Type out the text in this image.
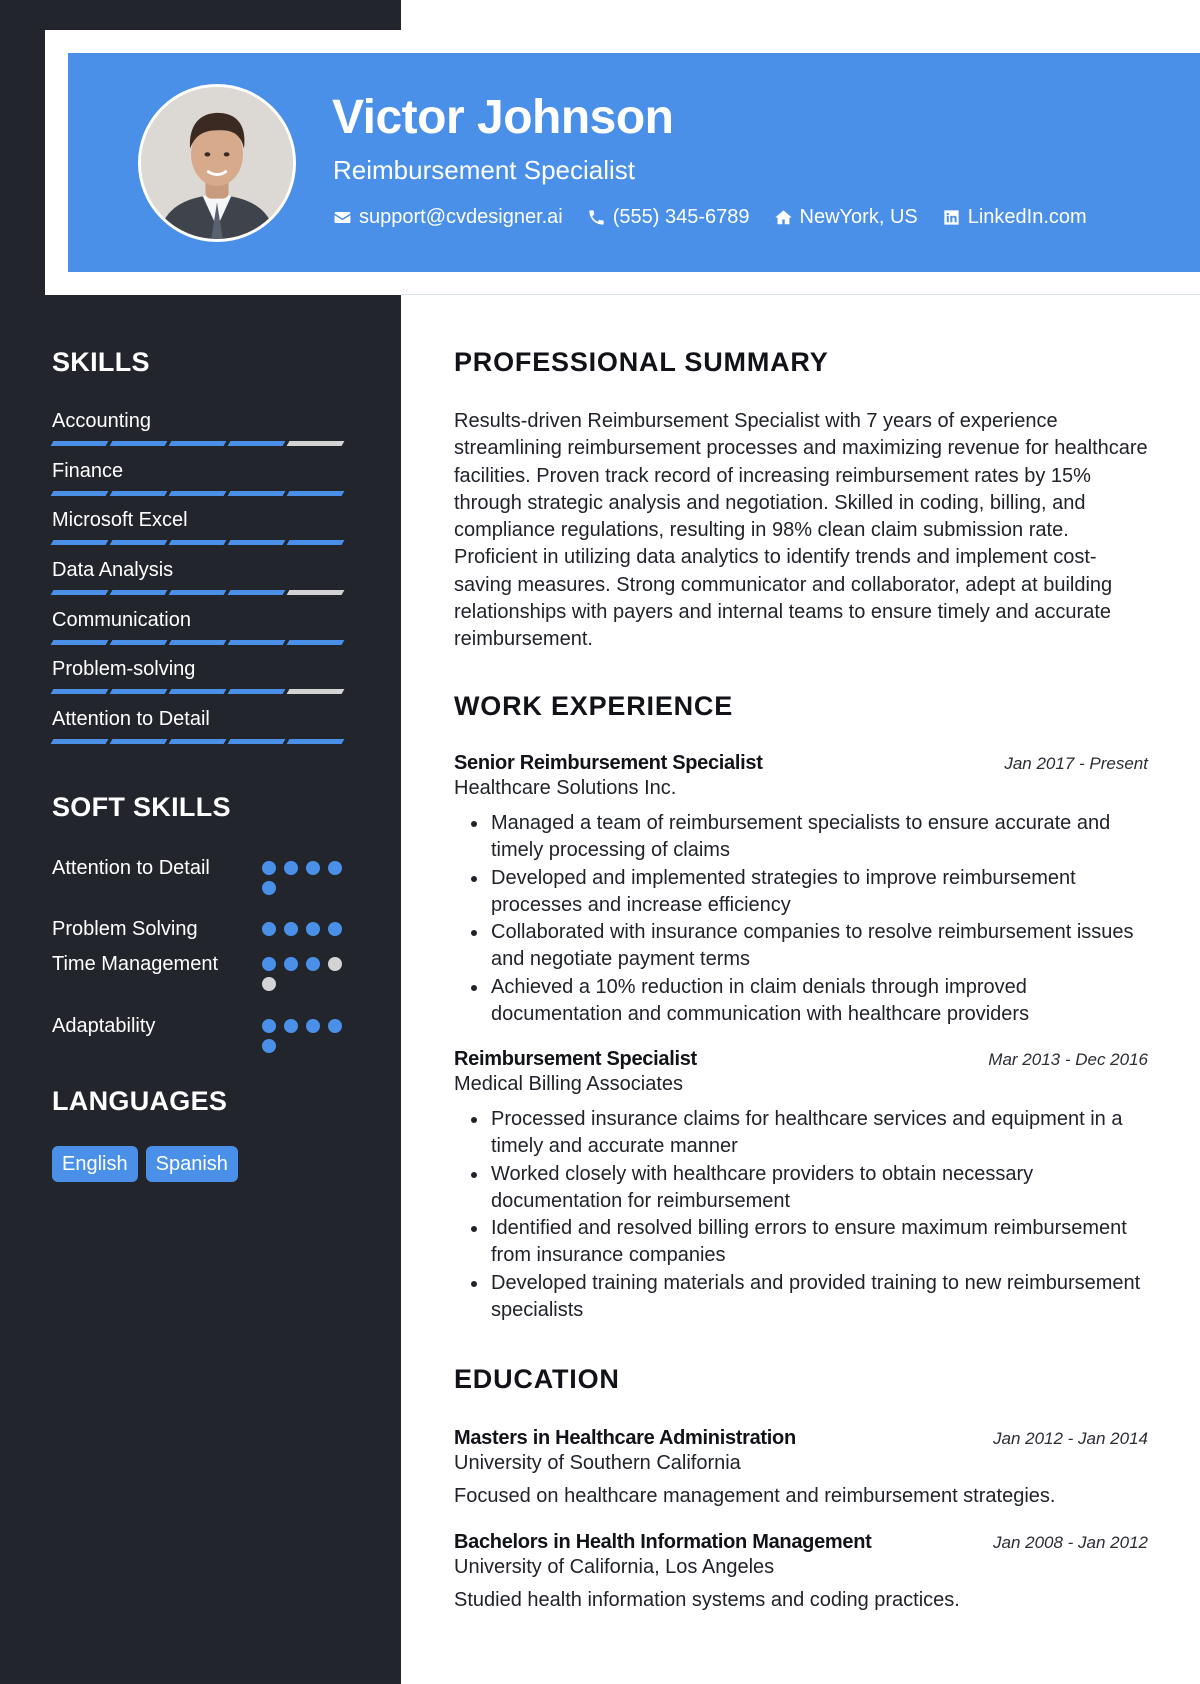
Victor Johnson
Reimbursement Specialist
support@cvdesigner.ai	(555) 345-6789	NewYork, US	LinkedIn.com
SKILLS
Accounting
Finance
Microsoft Excel
Data Analysis
Communication
Problem-solving
Attention to Detail
SOFT SKILLS
Attention to Detail
Problem Solving
Time Management
Adaptability
LANGUAGES
English	Spanish
PROFESSIONAL SUMMARY
Results-driven Reimbursement Specialist with 7 years of experience streamlining reimbursement processes and maximizing revenue for healthcare facilities. Proven track record of increasing reimbursement rates by 15% through strategic analysis and negotiation. Skilled in coding, billing, and compliance regulations, resulting in 98% clean claim submission rate. Proficient in utilizing data analytics to identify trends and implement cost-saving measures. Strong communicator and collaborator, adept at building relationships with payers and internal teams to ensure timely and accurate reimbursement.
WORK EXPERIENCE
Senior Reimbursement Specialist	Jan 2017 - Present
Healthcare Solutions Inc.
Managed a team of reimbursement specialists to ensure accurate and timely processing of claims
Developed and implemented strategies to improve reimbursement processes and increase efficiency
Collaborated with insurance companies to resolve reimbursement issues and negotiate payment terms
Achieved a 10% reduction in claim denials through improved documentation and communication with healthcare providers
Reimbursement Specialist	Mar 2013 - Dec 2016
Medical Billing Associates
Processed insurance claims for healthcare services and equipment in a timely and accurate manner
Worked closely with healthcare providers to obtain necessary documentation for reimbursement
Identified and resolved billing errors to ensure maximum reimbursement from insurance companies
Developed training materials and provided training to new reimbursement specialists
EDUCATION
Masters in Healthcare Administration	Jan 2012 - Jan 2014
University of Southern California
Focused on healthcare management and reimbursement strategies.
Bachelors in Health Information Management	Jan 2008 - Jan 2012
University of California, Los Angeles
Studied health information systems and coding practices.
